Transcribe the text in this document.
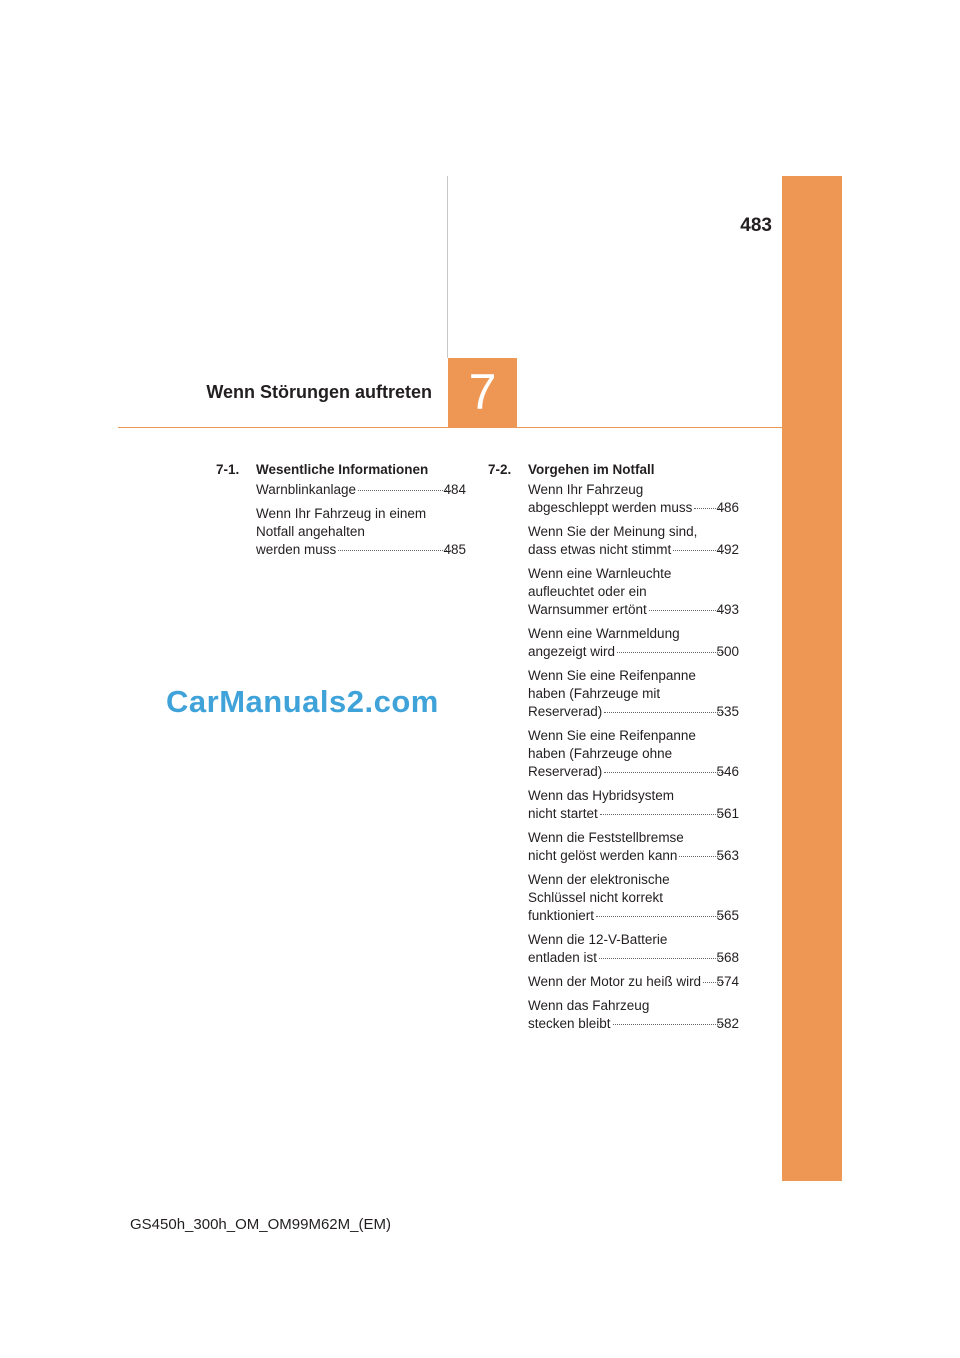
483
7
Wenn Störungen auftreten
7-1. Wesentliche Informationen
Warnblinkanlage	484
Wenn Ihr Fahrzeug in einem
Notfall angehalten
werden muss	485
7-2. Vorgehen im Notfall
Wenn Ihr Fahrzeug
abgeschleppt werden muss 486
Wenn Sie der Meinung sind,
dass etwas nicht stimmt	492
Wenn eine Warnleuchte
aufleuchtet oder ein
Warnsummer ertönt	493
Wenn eine Warnmeldung
angezeigt wird	500
Wenn Sie eine Reifenpanne
haben (Fahrzeuge mit
Reserverad)	535
Wenn Sie eine Reifenpanne
haben (Fahrzeuge ohne
Reserverad)	546
Wenn das Hybridsystem
nicht startet	561
Wenn die Feststellbremse
nicht gelöst werden kann	563
Wenn der elektronische
Schlüssel nicht korrekt
funktioniert	565
Wenn die 12-V-Batterie
entladen ist	568
Wenn der Motor zu heiß wird 574
Wenn das Fahrzeug
stecken bleibt	582
CarManuals2.com
GS450h_300h_OM_OM99M62M_(EM)
